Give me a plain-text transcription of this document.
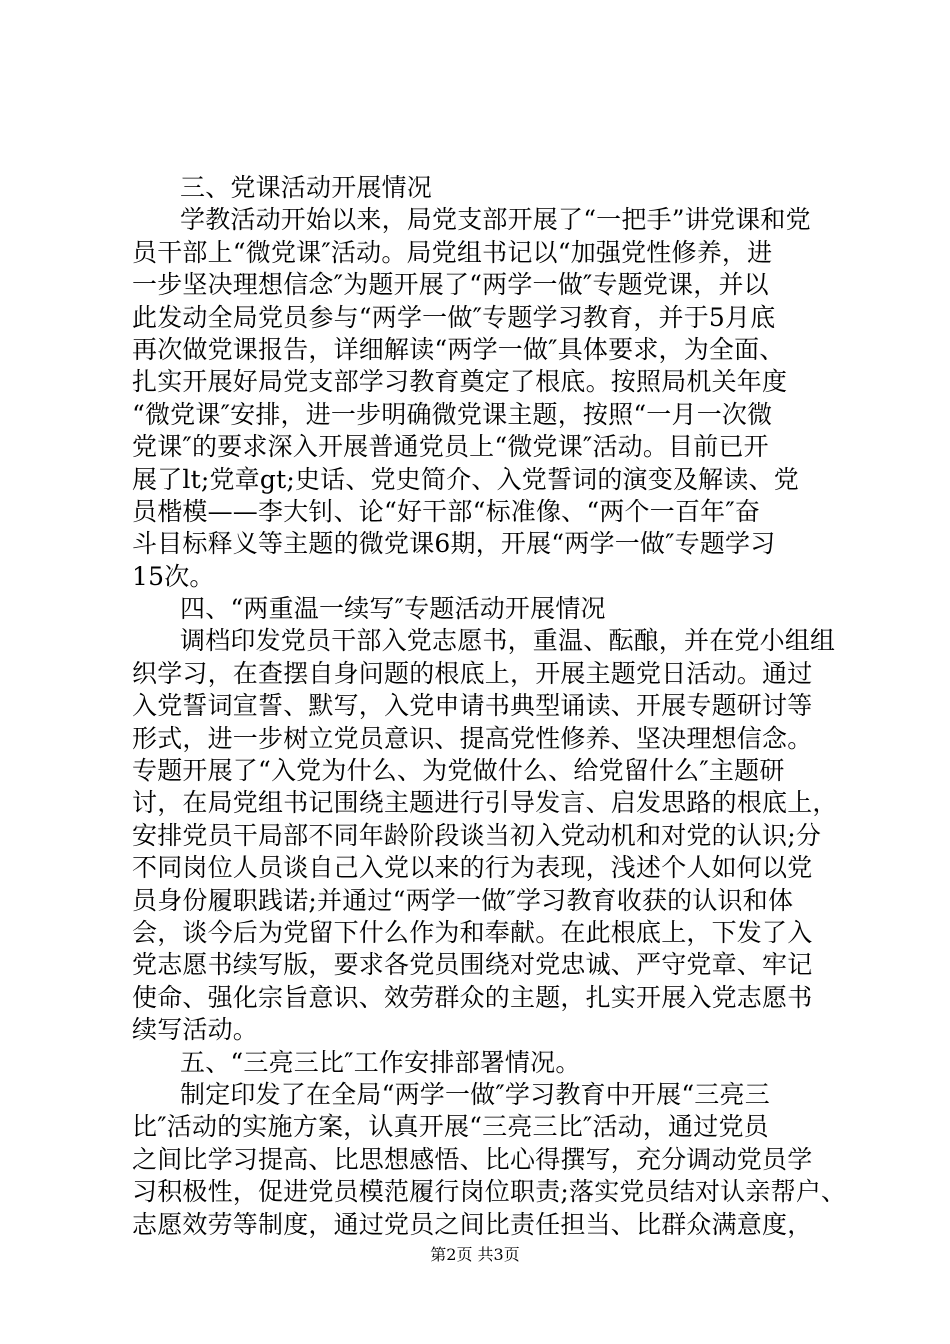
三、党课活动开展情况
学教活动开始以来，局党支部开展了“一把手”讲党课和党
员干部上“微党课″活动。局党组书记以“加强党性修养，进
一步坚决理想信念″为题开展了“两学一做″专题党课，并以
此发动全局党员参与“两学一做″专题学习教育，并于5月底
再次做党课报告，详细解读“两学一做″具体要求，为全面、
扎实开展好局党支部学习教育奠定了根底。按照局机关年度
“微党课″安排，进一步明确微党课主题，按照“一月一次微
党课″的要求深入开展普通党员上“微党课″活动。目前已开
展了lt;党章gt;史话、党史简介、入党誓词的演变及解读、党
员楷模——李大钊、论“好干部“标准像、“两个一百年″奋
斗目标释义等主题的微党课6期，开展“两学一做″专题学习
15次。
四、“两重温一续写″专题活动开展情况
调档印发党员干部入党志愿书，重温、酝酿，并在党小组组
织学习，在查摆自身问题的根底上，开展主题党日活动。通过
入党誓词宣誓、默写，入党申请书典型诵读、开展专题研讨等
形式，进一步树立党员意识、提高党性修养、坚决理想信念。
专题开展了“入党为什么、为党做什么、给党留什么″主题研
讨，在局党组书记围绕主题进行引导发言、启发思路的根底上，
安排党员干局部不同年龄阶段谈当初入党动机和对党的认识;分
不同岗位人员谈自己入党以来的行为表现，浅述个人如何以党
员身份履职践诺;并通过“两学一做″学习教育收获的认识和体
会，谈今后为党留下什么作为和奉献。在此根底上，下发了入
党志愿书续写版，要求各党员围绕对党忠诚、严守党章、牢记
使命、强化宗旨意识、效劳群众的主题，扎实开展入党志愿书
续写活动。
五、“三亮三比″工作安排部署情况。
制定印发了在全局“两学一做″学习教育中开展“三亮三
比″活动的实施方案，认真开展“三亮三比″活动，通过党员
之间比学习提高、比思想感悟、比心得撰写，充分调动党员学
习积极性，促进党员模范履行岗位职责;落实党员结对认亲帮户、
志愿效劳等制度，通过党员之间比责任担当、比群众满意度，
第2页 共3页
